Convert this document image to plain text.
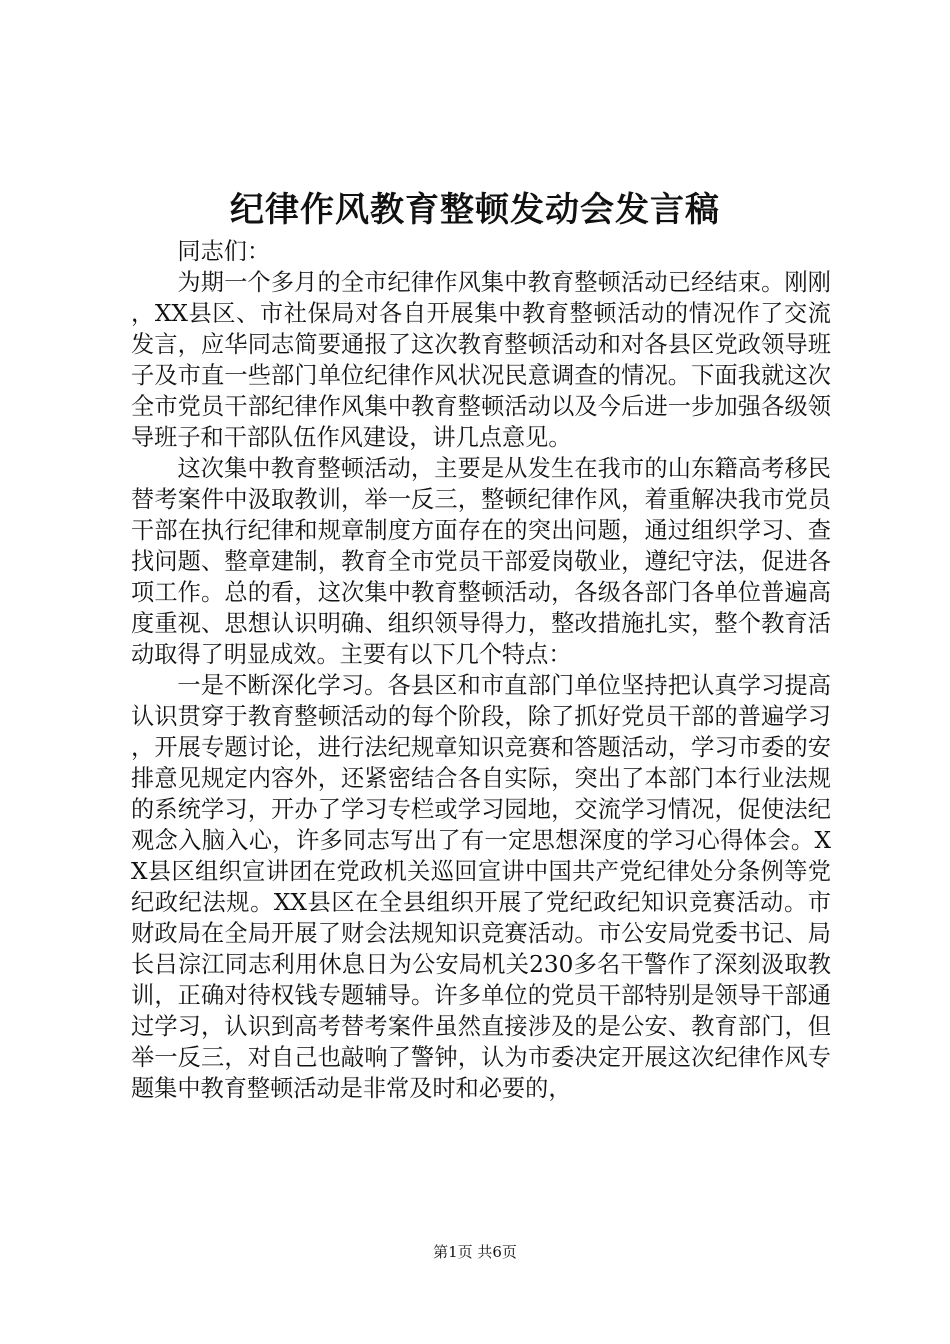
纪律作风教育整顿发动会发言稿

同志们：

为期一个多月的全市纪律作风集中教育整顿活动已经结束。刚刚，XX县区、市社保局对各自开展集中教育整顿活动的情况作了交流发言，应华同志简要通报了这次教育整顿活动和对各县区党政领导班子及市直一些部门单位纪律作风状况民意调查的情况。下面我就这次全市党员干部纪律作风集中教育整顿活动以及今后进一步加强各级领导班子和干部队伍作风建设，讲几点意见。

这次集中教育整顿活动，主要是从发生在我市的山东籍高考移民替考案件中汲取教训，举一反三，整顿纪律作风，着重解决我市党员干部在执行纪律和规章制度方面存在的突出问题，通过组织学习、查找问题、整章建制，教育全市党员干部爱岗敬业，遵纪守法，促进各项工作。总的看，这次集中教育整顿活动，各级各部门各单位普遍高度重视、思想认识明确、组织领导得力，整改措施扎实，整个教育活动取得了明显成效。主要有以下几个特点：

一是不断深化学习。各县区和市直部门单位坚持把认真学习提高认识贯穿于教育整顿活动的每个阶段，除了抓好党员干部的普遍学习，开展专题讨论，进行法纪规章知识竞赛和答题活动，学习市委的安排意见规定内容外，还紧密结合各自实际，突出了本部门本行业法规的系统学习，开办了学习专栏或学习园地，交流学习情况，促使法纪观念入脑入心，许多同志写出了有一定思想深度的学习心得体会。XX县区组织宣讲团在党政机关巡回宣讲中国共产党纪律处分条例等党纪政纪法规。XX县区在全县组织开展了党纪政纪知识竞赛活动。市财政局在全局开展了财会法规知识竞赛活动。市公安局党委书记、局长吕淙江同志利用休息日为公安局机关230多名干警作了深刻汲取教训，正确对待权钱专题辅导。许多单位的党员干部特别是领导干部通过学习，认识到高考替考案件虽然直接涉及的是公安、教育部门，但举一反三，对自己也敲响了警钟，认为市委决定开展这次纪律作风专题集中教育整顿活动是非常及时和必要的，

第1页 共6页
